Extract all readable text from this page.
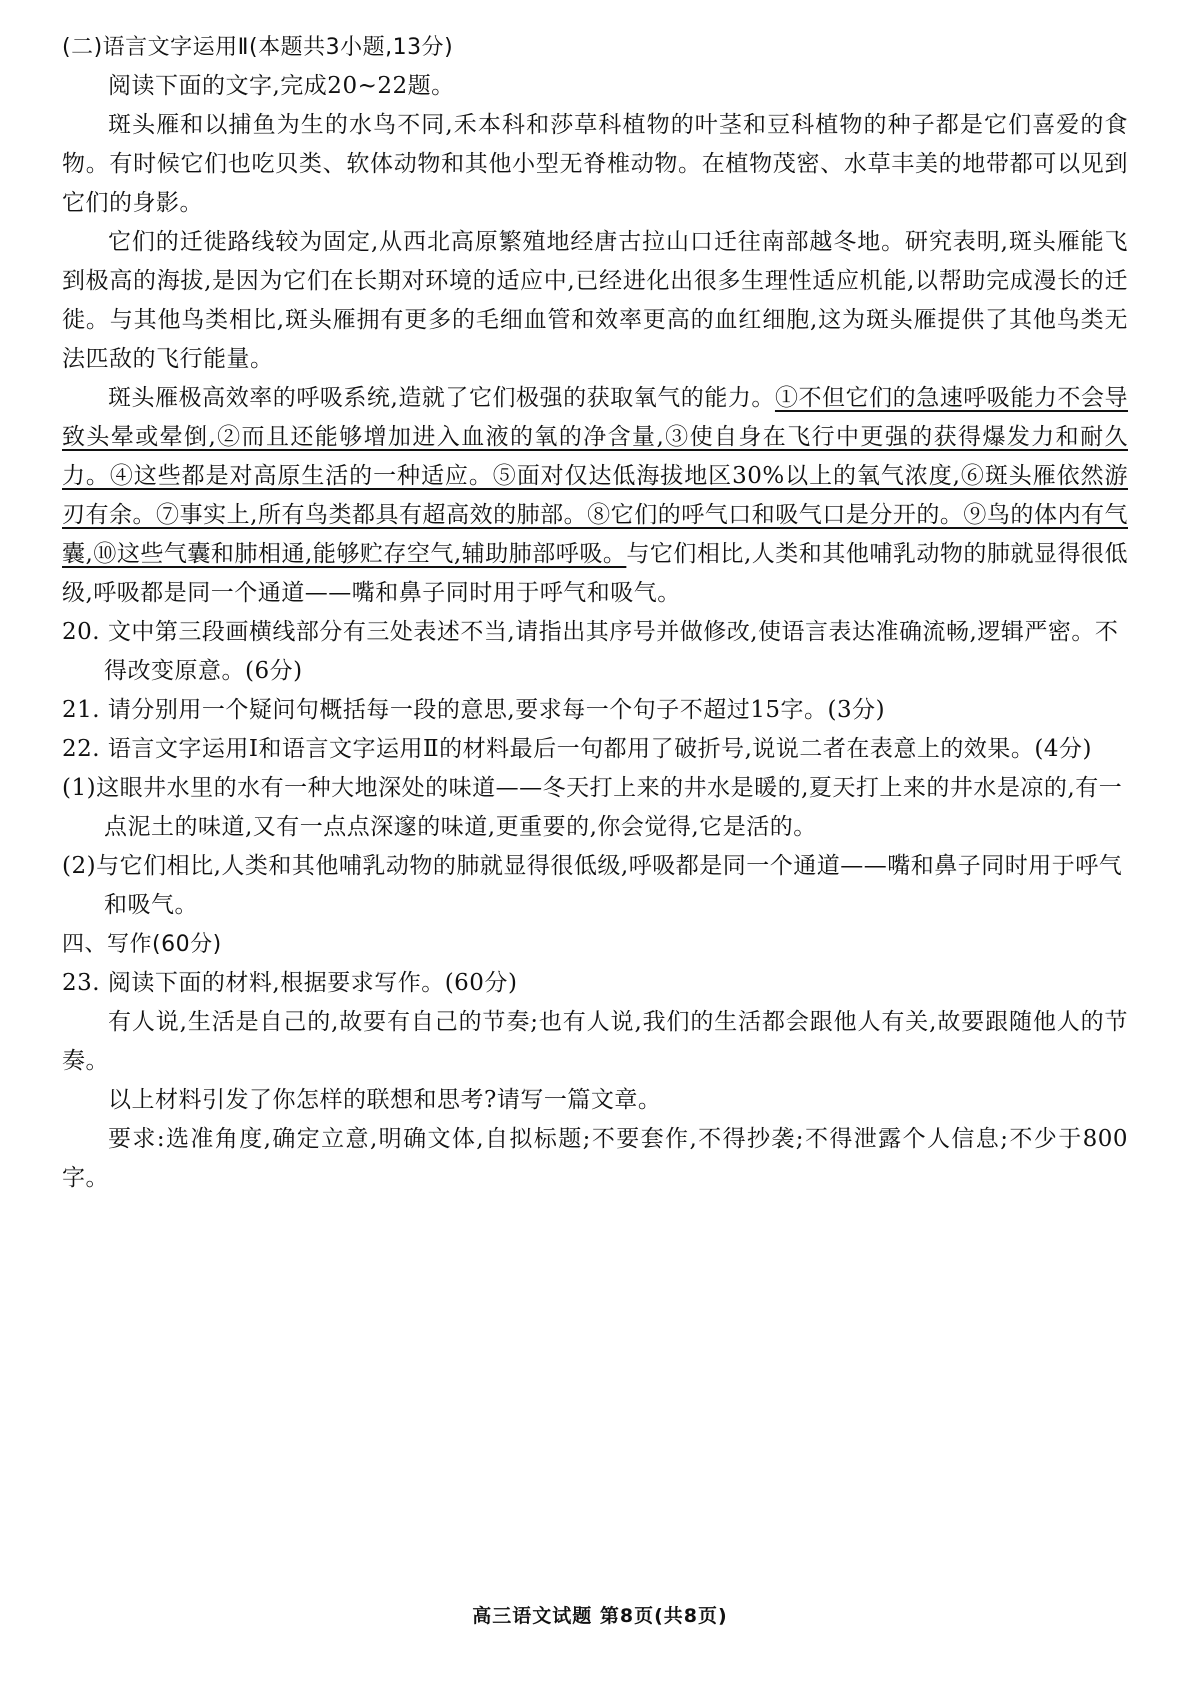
(二)语言文字运用Ⅱ(本题共3小题,13分)

阅读下面的文字,完成20~22题。

斑头雁和以捕鱼为生的水鸟不同,禾本科和莎草科植物的叶茎和豆科植物的种子都是它们喜爱的食物。有时候它们也吃贝类、软体动物和其他小型无脊椎动物。在植物茂密、水草丰美的地带都可以见到它们的身影。

它们的迁徙路线较为固定,从西北高原繁殖地经唐古拉山口迁往南部越冬地。研究表明,斑头雁能飞到极高的海拔,是因为它们在长期对环境的适应中,已经进化出很多生理性适应机能,以帮助完成漫长的迁徙。与其他鸟类相比,斑头雁拥有更多的毛细血管和效率更高的血红细胞,这为斑头雁提供了其他鸟类无法匹敌的飞行能量。

斑头雁极高效率的呼吸系统,造就了它们极强的获取氧气的能力。①不但它们的急速呼吸能力不会导致头晕或晕倒,②而且还能够增加进入血液的氧的净含量,③使自身在飞行中更强的获得爆发力和耐久力。④这些都是对高原生活的一种适应。⑤面对仅达低海拔地区30%以上的氧气浓度,⑥斑头雁依然游刃有余。⑦事实上,所有鸟类都具有超高效的肺部。⑧它们的呼气口和吸气口是分开的。⑨鸟的体内有气囊,⑩这些气囊和肺相通,能够贮存空气,辅助肺部呼吸。与它们相比,人类和其他哺乳动物的肺就显得很低级,呼吸都是同一个通道——嘴和鼻子同时用于呼气和吸气。

20. 文中第三段画横线部分有三处表述不当,请指出其序号并做修改,使语言表达准确流畅,逻辑严密。不得改变原意。(6分)

21. 请分别用一个疑问句概括每一段的意思,要求每一个句子不超过15字。(3分)

22. 语言文字运用Ⅰ和语言文字运用Ⅱ的材料最后一句都用了破折号,说说二者在表意上的效果。(4分)

(1)这眼井水里的水有一种大地深处的味道——冬天打上来的井水是暖的,夏天打上来的井水是凉的,有一点泥土的味道,又有一点点深邃的味道,更重要的,你会觉得,它是活的。

(2)与它们相比,人类和其他哺乳动物的肺就显得很低级,呼吸都是同一个通道——嘴和鼻子同时用于呼气和吸气。

四、写作(60分)

23. 阅读下面的材料,根据要求写作。(60分)

有人说,生活是自己的,故要有自己的节奏;也有人说,我们的生活都会跟他人有关,故要跟随他人的节奏。

以上材料引发了你怎样的联想和思考?请写一篇文章。

要求:选准角度,确定立意,明确文体,自拟标题;不要套作,不得抄袭;不得泄露个人信息;不少于800字。

高三语文试题 第8页(共8页)
